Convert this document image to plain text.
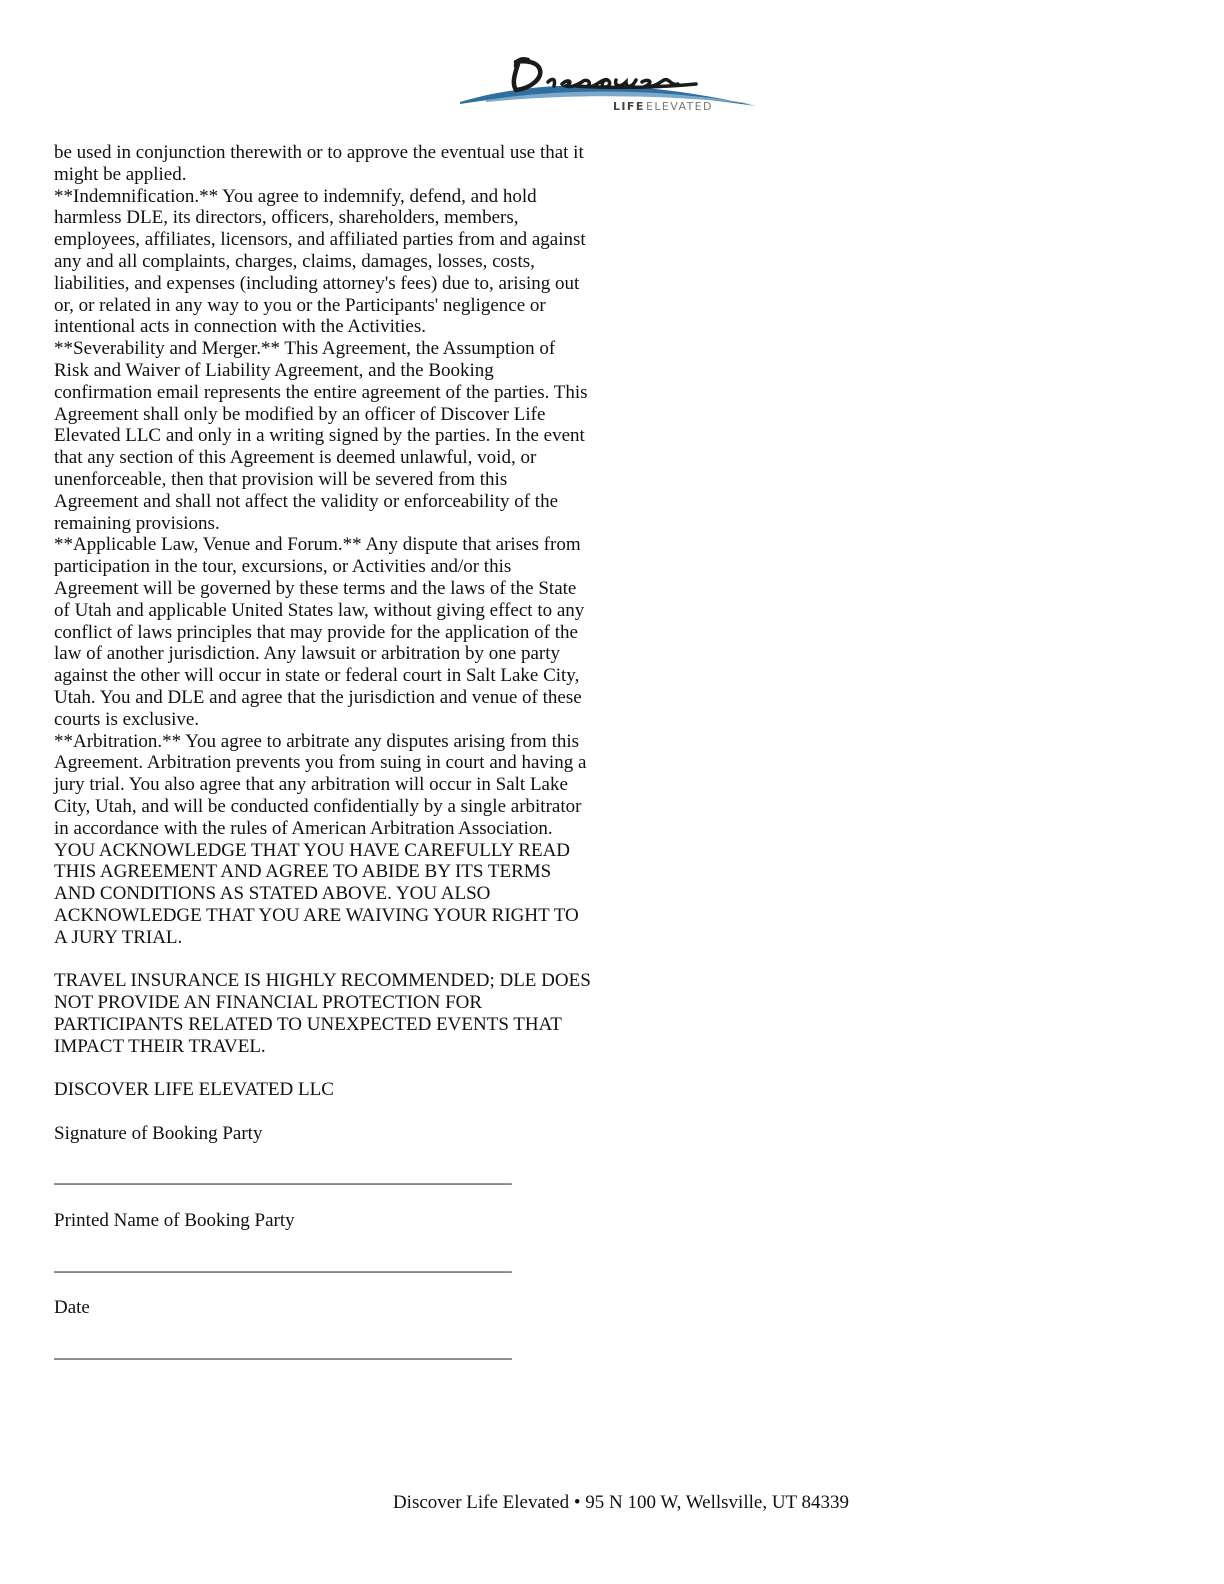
LIFE ELEVATED

be used in conjunction therewith or to approve the eventual use that it might be applied.

**Indemnification.** You agree to indemnify, defend, and hold harmless DLE, its directors, officers, shareholders, members, employees, affiliates, licensors, and affiliated parties from and against any and all complaints, charges, claims, damages, losses, costs, liabilities, and expenses (including attorney's fees) due to, arising out or, or related in any way to you or the Participants' negligence or intentional acts in connection with the Activities.

**Severability and Merger.** This Agreement, the Assumption of Risk and Waiver of Liability Agreement, and the Booking confirmation email represents the entire agreement of the parties. This Agreement shall only be modified by an officer of Discover Life Elevated LLC and only in a writing signed by the parties. In the event that any section of this Agreement is deemed unlawful, void, or unenforceable, then that provision will be severed from this Agreement and shall not affect the validity or enforceability of the remaining provisions.

**Applicable Law, Venue and Forum.** Any dispute that arises from participation in the tour, excursions, or Activities and/or this Agreement will be governed by these terms and the laws of the State of Utah and applicable United States law, without giving effect to any conflict of laws principles that may provide for the application of the law of another jurisdiction. Any lawsuit or arbitration by one party against the other will occur in state or federal court in Salt Lake City, Utah. You and DLE and agree that the jurisdiction and venue of these courts is exclusive.

**Arbitration.** You agree to arbitrate any disputes arising from this Agreement. Arbitration prevents you from suing in court and having a jury trial. You also agree that any arbitration will occur in Salt Lake City, Utah, and will be conducted confidentially by a single arbitrator in accordance with the rules of American Arbitration Association. YOU ACKNOWLEDGE THAT YOU HAVE CAREFULLY READ THIS AGREEMENT AND AGREE TO ABIDE BY ITS TERMS AND CONDITIONS AS STATED ABOVE. YOU ALSO ACKNOWLEDGE THAT YOU ARE WAIVING YOUR RIGHT TO A JURY TRIAL.

TRAVEL INSURANCE IS HIGHLY RECOMMENDED; DLE DOES NOT PROVIDE AN FINANCIAL PROTECTION FOR PARTICIPANTS RELATED TO UNEXPECTED EVENTS THAT IMPACT THEIR TRAVEL.

DISCOVER LIFE ELEVATED LLC

Signature of Booking Party

_______________________________________________________

Printed Name of Booking Party

_______________________________________________________

Date

_______________________________________________________

Discover Life Elevated • 95 N 100 W, Wellsville, UT 84339
